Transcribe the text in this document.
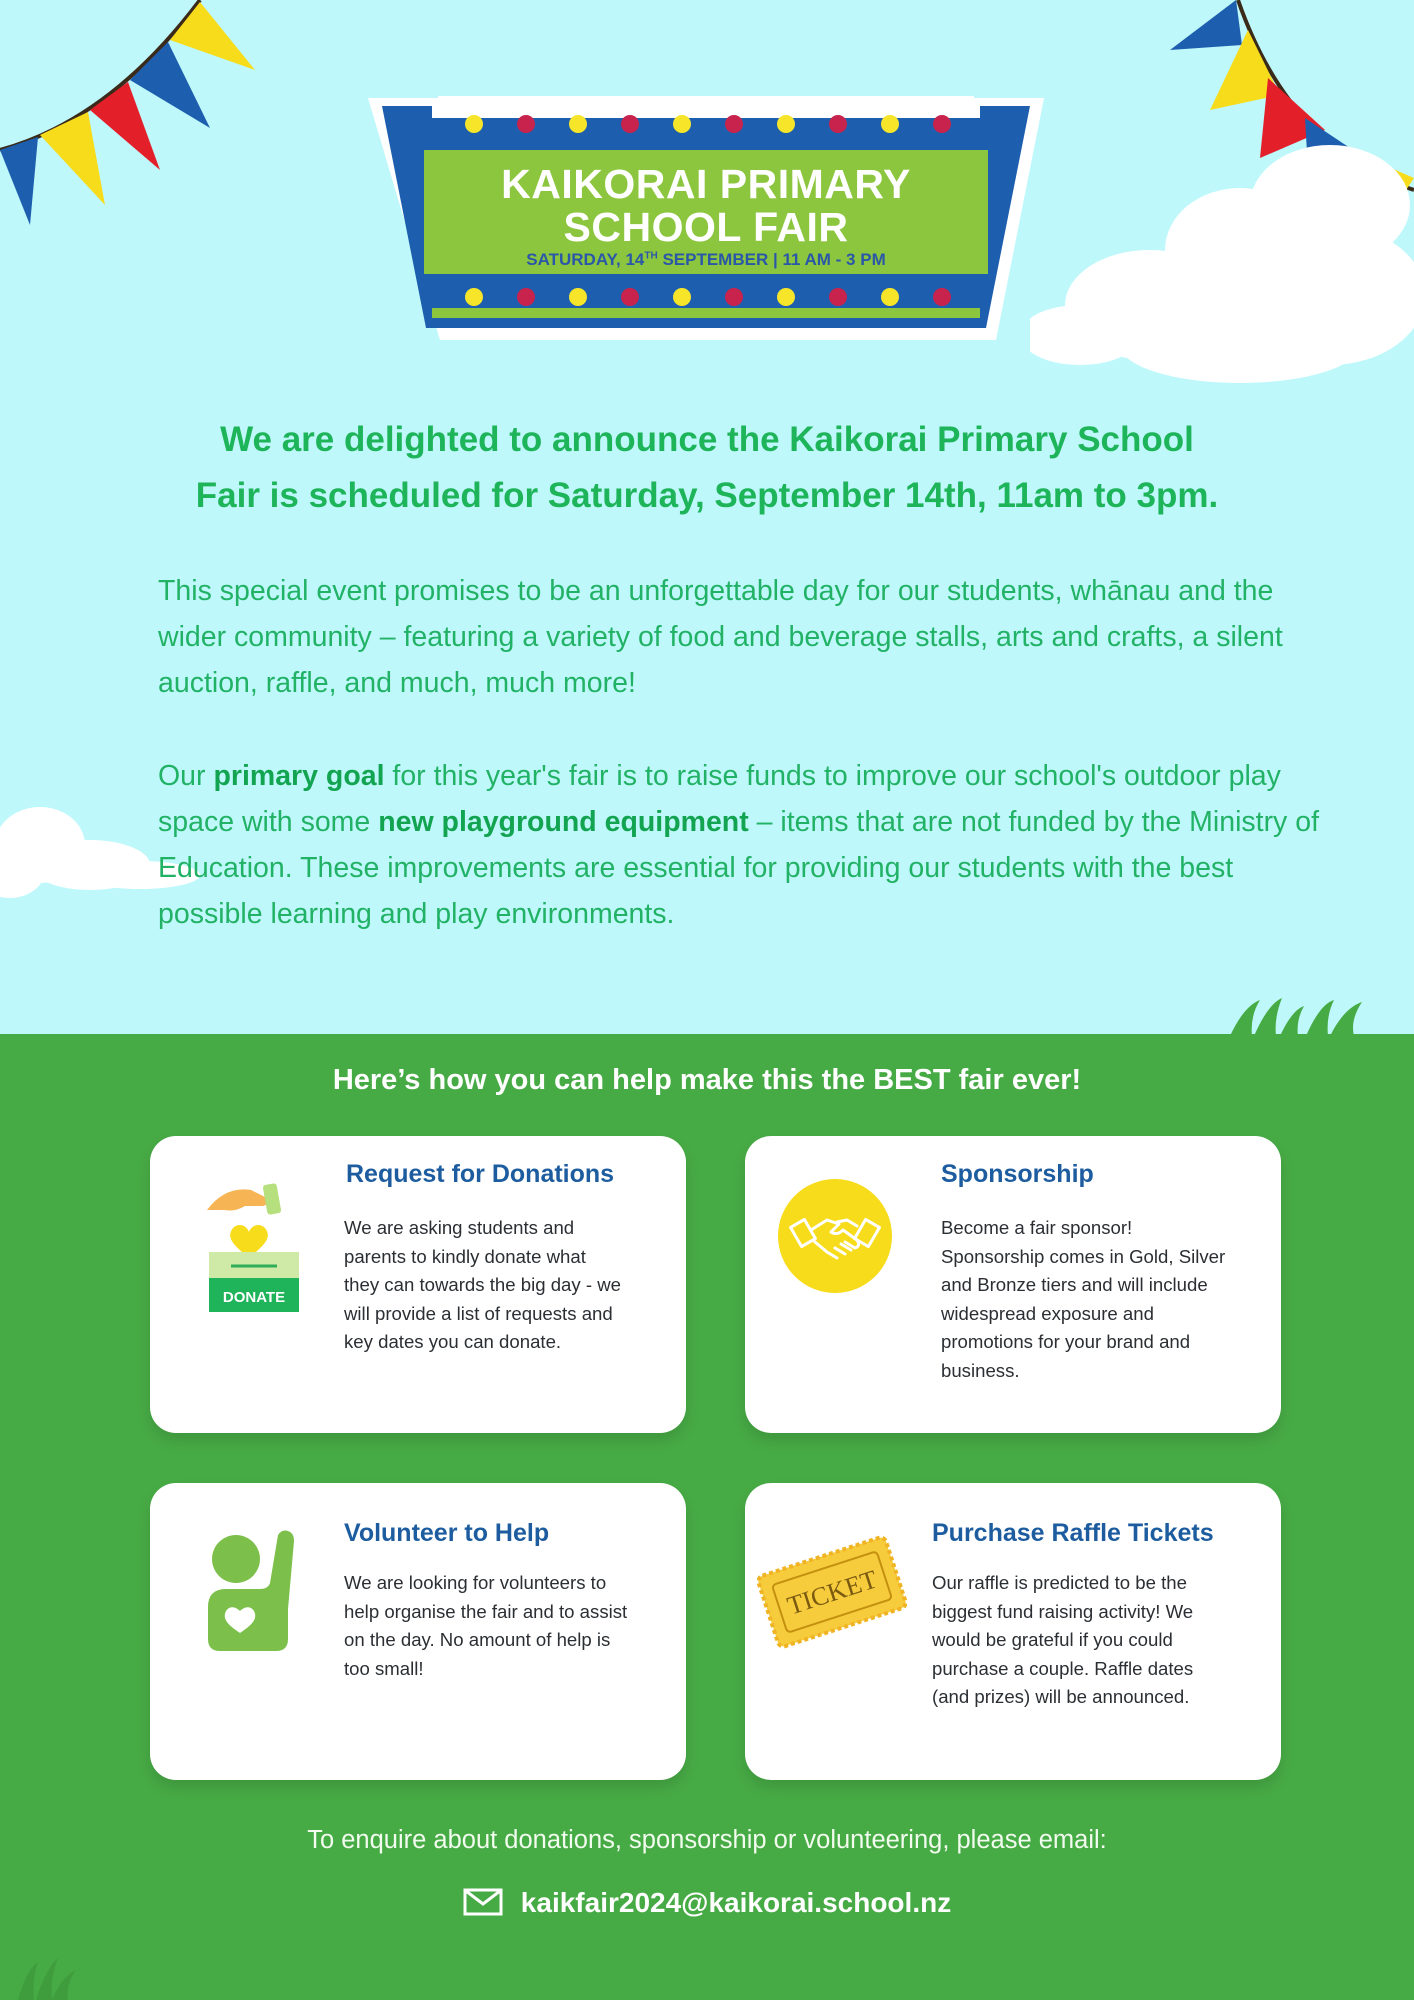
KAIKORAI PRIMARY
SCHOOL FAIR
SATURDAY, 14TH SEPTEMBER | 11 AM - 3 PM
We are delighted to announce the Kaikorai Primary School
Fair is scheduled for Saturday, September 14th, 11am to 3pm.
This special event promises to be an unforgettable day for our students, whānau and the wider community – featuring a variety of food and beverage stalls, arts and crafts, a silent auction, raffle, and much, much more!
Our primary goal for this year's fair is to raise funds to improve our school's outdoor play space with some new playground equipment – items that are not funded by the Ministry of Education. These improvements are essential for providing our students with the best possible learning and play environments.
Here’s how you can help make this the BEST fair ever!
DONATE
Request for Donations
We are asking students and parents to kindly donate what they can towards the big day - we will provide a list of requests and key dates you can donate.
Sponsorship
Become a fair sponsor! Sponsorship comes in Gold, Silver and Bronze tiers and will include widespread exposure and promotions for your brand and business.
Volunteer to Help
We are looking for volunteers to help organise the fair and to assist on the day. No amount of help is too small!
TICKET
Purchase Raffle Tickets
Our raffle is predicted to be the biggest fund raising activity! We would be grateful if you could purchase a couple. Raffle dates (and prizes) will be announced.
To enquire about donations, sponsorship or volunteering, please email:
kaikfair2024@kaikorai.school.nz
